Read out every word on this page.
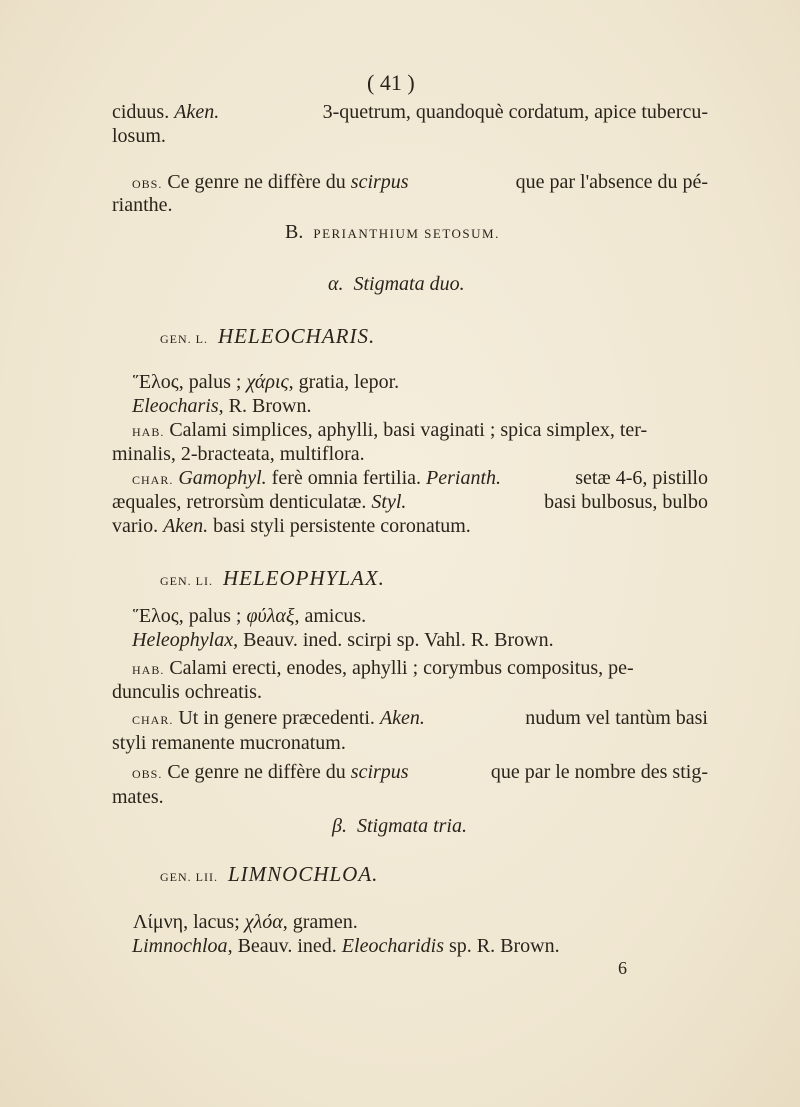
( 41 )
ciduus. Aken.	3-quetrum, quandoquè cordatum, apice tubercu-
losum.
OBS. Ce genre ne diffère du scirpus	que par l'absence du pé-
rianthe.
B. PERIANTHIUM SETOSUM.
α. Stigmata duo.
GEN. L. HELEOCHARIS.
Ἕλος, palus ; χάρις, gratia, lepor.
Eleocharis, R. Brown.
HAB. Calami simplices, aphylli, basi vaginati ; spica simplex, ter-
minalis, 2-bracteata, multiflora.
CHAR. Gamophyl. ferè omnia fertilia. Perianth.	setæ 4-6, pistillo
æquales, retrorsùm denticulatæ. Styl.	basi bulbosus, bulbo
vario. Aken. basi styli persistente coronatum.
GEN. LI. HELEOPHYLAX.
Ἕλος, palus ; φύλαξ, amicus.
Heleophylax, Beauv. ined. scirpi sp. Vahl. R. Brown.
HAB. Calami erecti, enodes, aphylli ; corymbus compositus, pe-
dunculis ochreatis.
CHAR. Ut in genere præcedenti. Aken.	nudum vel tantùm basi
styli remanente mucronatum.
OBS. Ce genre ne diffère du scirpus	que par le nombre des stig-
mates.
β. Stigmata tria.
GEN. LII. LIMNOCHLOA.
Λίμνη, lacus; χλόα, gramen.
Limnochloa, Beauv. ined. Eleocharidis sp. R. Brown.
6
